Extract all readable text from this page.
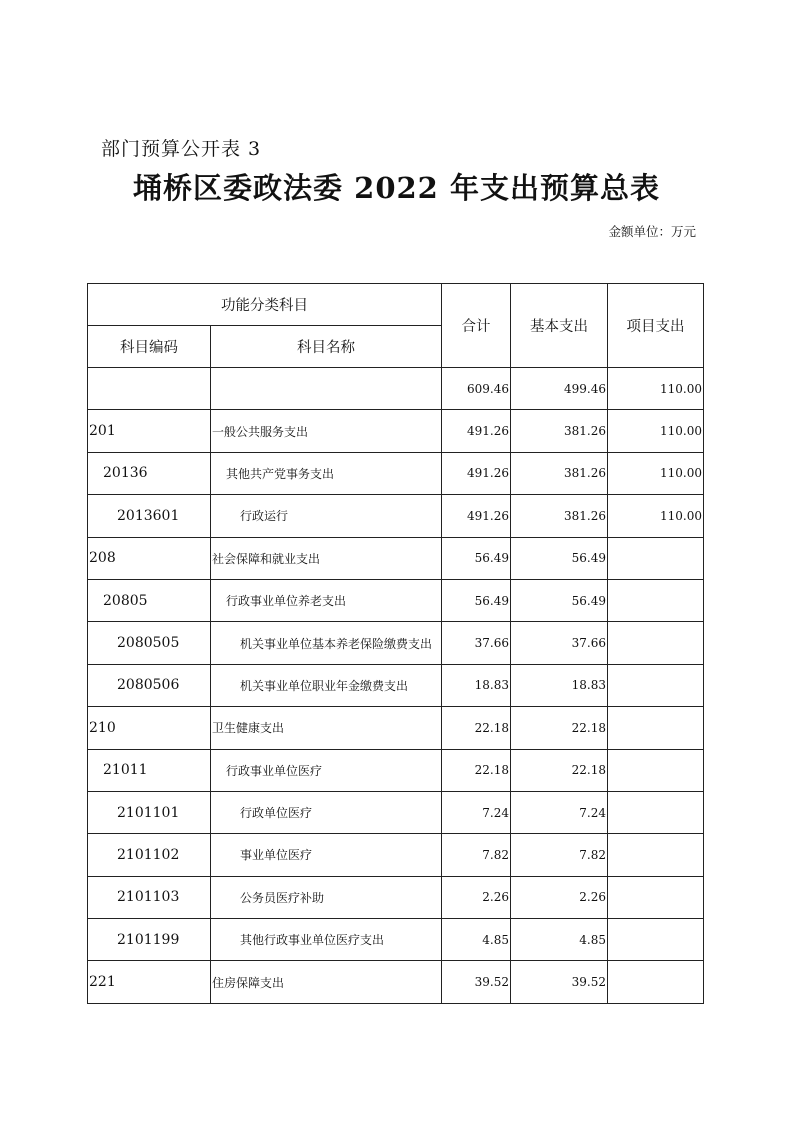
部门预算公开表 3
埇桥区委政法委 2022 年支出预算总表
金额单位：万元
功能分类科目		合计	基本支出	项目支出
科目编码	科目名称			
		609.46	499.46	110.00
201	一般公共服务支出	491.26	381.26	110.00
20136	其他共产党事务支出	491.26	381.26	110.00
2013601	行政运行	491.26	381.26	110.00
208	社会保障和就业支出	56.49	56.49	
20805	行政事业单位养老支出	56.49	56.49	
2080505	机关事业单位基本养老保险缴费支出	37.66	37.66	
2080506	机关事业单位职业年金缴费支出	18.83	18.83	
210	卫生健康支出	22.18	22.18	
21011	行政事业单位医疗	22.18	22.18	
2101101	行政单位医疗	7.24	7.24	
2101102	事业单位医疗	7.82	7.82	
2101103	公务员医疗补助	2.26	2.26	
2101199	其他行政事业单位医疗支出	4.85	4.85	
221	住房保障支出	39.52	39.52	
